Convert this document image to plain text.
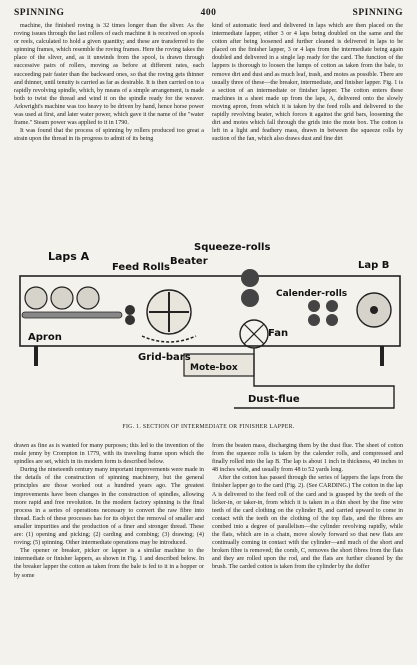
SPINNING	400	SPINNING

machine, the finished roving is 32 times longer than the sliver. As the roving issues through the last rollers of each machine it is received on spools or reels, calculated to hold a given quantity; and these are transferred to the spinning frames, which resemble the roving frames. Here the roving takes the place of the sliver, and, as it unwinds from the spool, is drawn through successive pairs of rollers, moving as before at different rates, each succeeding pair faster than the backward ones, so that the roving gets thinner and thinner, until tenuity is carried as far as desirable. It is then carried on to a rapidly revolving spindle, which, by means of a simple arrangement, is made both to twist the thread and wind it on the spindle ready for the weaver. Arkwright's machine was too heavy to be driven by hand, hence horse power was used at first, and later water power, which gave it the name of the "water frame." Steam power was applied to it in 1790.

It was found that the process of spinning by rollers produced too great a strain upon the thread in its progress to admit of its being

kind of automatic feed and delivered in laps which are then placed on the intermediate lapper, either 3 or 4 laps being doubled on the same and the cotton after being loosened and further cleaned is delivered in laps to be placed on the finisher lapper, 3 or 4 laps from the intermediate being again doubled and delivered in a single lap ready for the card. The function of the lappers is thorough to loosen the lumps of cotton as taken from the bale, to remove dirt and dust and as much leaf, trash, and motes as possible. There are usually three of these—the breaker, intermediate, and finisher lapper. Fig. 1 is a section of an intermediate or finisher lapper. The cotton enters these machines in a sheet made up from the laps, A, delivered onto the slowly moving apron, from which it is taken by the feed rolls and delivered to the rapidly revolving beater, which forces it against the grid bars, loosening the dirt and motes which fall through the grids into the mote box. The cotton is left in a light and feathery mass, drawn in between the squeeze rolls by suction of the fan, which also draws dust and fine dirt

Laps A
Feed Rolls
Squeeze-rolls
Beater	Lap B
Calender-rolls
Apron
Grid-bars
Fan
Mote-box
Dust-flue
FIG. 1. SECTION OF INTERMEDIATE OR FINISHER LAPPER.

drawn as fine as is wanted for many purposes; this led to the invention of the mule jenny by Crompton in 1779, with its traveling frame upon which the spindles are set, which in its modern form is described below.

During the nineteenth century many important improvements were made in the details of the construction of spinning machinery, but the general principles are those worked out a hundred years ago. The greatest improvements have been changes in the construction of spindles, allowing more rapid and free revolution. In the modern factory spinning is the final process in a series of operations necessary to convert the raw fibre into thread. Each of these processes has for its object the removal of smaller and smaller impurities and the production of a finer and stronger thread. These are: (1) opening and picking; (2) carding and combing; (3) drawing; (4) roving; (5) spinning. Other intermediate operations may be introduced.

The opener or breaker, picker or lapper is a similar machine to the intermediate or finisher lappers, as shown in Fig. 1 and described below. In the breaker lapper the cotton as taken from the bale is fed to it in a hopper or by some

from the beaten mass, discharging them by the dust flue. The sheet of cotton from the squeeze rolls is taken by the calender rolls, and compressed and finally rolled into the lap B. The lap is about 1 inch in thickness, 40 inches to 48 inches wide, and usually from 48 to 52 yards long.

After the cotton has passed through the series of lappers the laps from the finisher lapper go to the card (Fig. 2). (See CARDING.) The cotton in the lap A is delivered to the feed roll of the card and is grasped by the teeth of the licker-in, or taker-in, from which it is taken in a thin sheet by the fine wire teeth of the card clothing on the cylinder B, and carried upward to come in contact with the teeth on the clothing of the top flats, and the fibres are combed into a degree of parallelism—the cylinder revolving rapidly, while the flats, which are in a chain, move slowly forward so that new flats are continually coming in contact with the cylinder—and much of the short and broken fibre is removed; the comb, C, removes the short fibres from the flats and they are rolled upon the rod, and the flats are further cleaned by the brush. The carded cotton is taken from the cylinder by the doffer
